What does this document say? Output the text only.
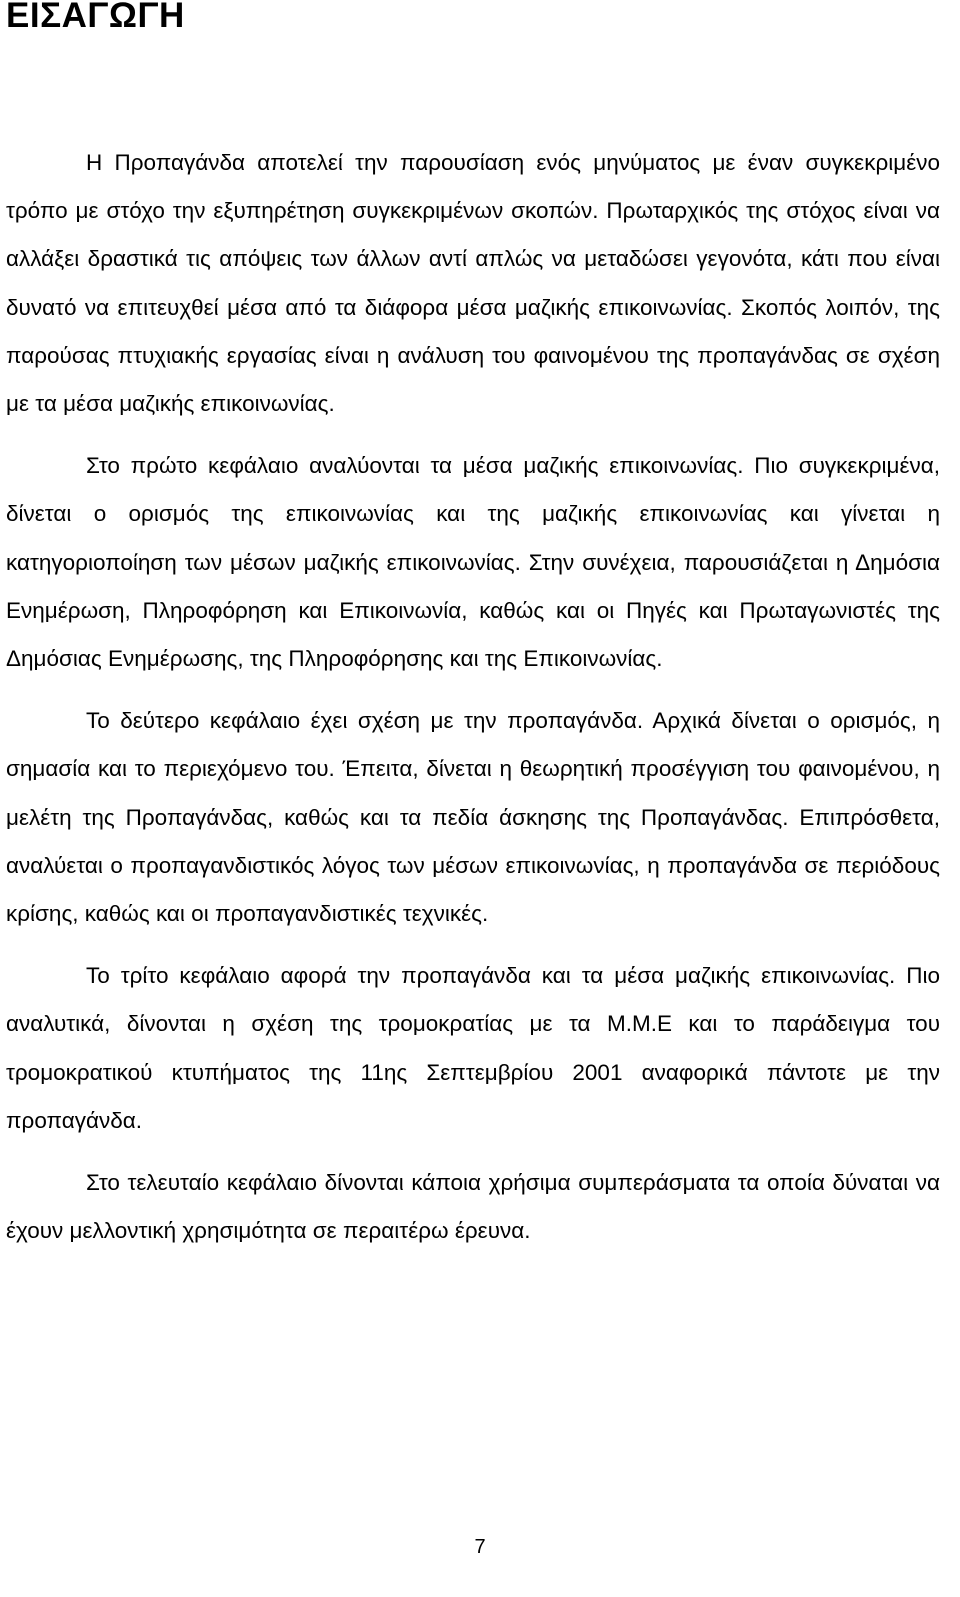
ΕΙΣΑΓΩΓΗ

Η Προπαγάνδα αποτελεί την παρουσίαση ενός μηνύματος με έναν συγκεκριμένο τρόπο με στόχο την εξυπηρέτηση συγκεκριμένων σκοπών. Πρωταρχικός της στόχος είναι να αλλάξει δραστικά τις απόψεις των άλλων αντί απλώς να μεταδώσει γεγονότα, κάτι που είναι δυνατό να επιτευχθεί μέσα από τα διάφορα μέσα μαζικής επικοινωνίας. Σκοπός λοιπόν, της παρούσας πτυχιακής εργασίας είναι η ανάλυση του φαινομένου της προπαγάνδας σε σχέση με τα μέσα μαζικής επικοινωνίας.

Στο πρώτο κεφάλαιο αναλύονται τα μέσα μαζικής επικοινωνίας. Πιο συγκεκριμένα, δίνεται ο ορισμός της επικοινωνίας και της μαζικής επικοινωνίας και γίνεται η κατηγοριοποίηση των μέσων μαζικής επικοινωνίας. Στην συνέχεια, παρουσιάζεται η Δημόσια Ενημέρωση, Πληροφόρηση και Επικοινωνία, καθώς και οι Πηγές και Πρωταγωνιστές της Δημόσιας Ενημέρωσης, της Πληροφόρησης και της Επικοινωνίας.

Το δεύτερο κεφάλαιο έχει σχέση με την προπαγάνδα. Αρχικά δίνεται ο ορισμός, η σημασία και το περιεχόμενο του. Έπειτα, δίνεται η θεωρητική προσέγγιση του φαινομένου, η μελέτη της Προπαγάνδας, καθώς και τα πεδία άσκησης της Προπαγάνδας. Επιπρόσθετα, αναλύεται ο προπαγανδιστικός λόγος των μέσων επικοινωνίας, η προπαγάνδα σε περιόδους κρίσης, καθώς και οι προπαγανδιστικές τεχνικές.

Το τρίτο κεφάλαιο αφορά την προπαγάνδα και τα μέσα μαζικής επικοινωνίας. Πιο αναλυτικά, δίνονται η σχέση της τρομοκρατίας με τα Μ.Μ.Ε και το παράδειγμα του τρομοκρατικού κτυπήματος της 11ης Σεπτεμβρίου 2001 αναφορικά πάντοτε με την προπαγάνδα.

Στο τελευταίο κεφάλαιο δίνονται κάποια χρήσιμα συμπεράσματα τα οποία δύναται να έχουν μελλοντική χρησιμότητα σε περαιτέρω έρευνα.

7
